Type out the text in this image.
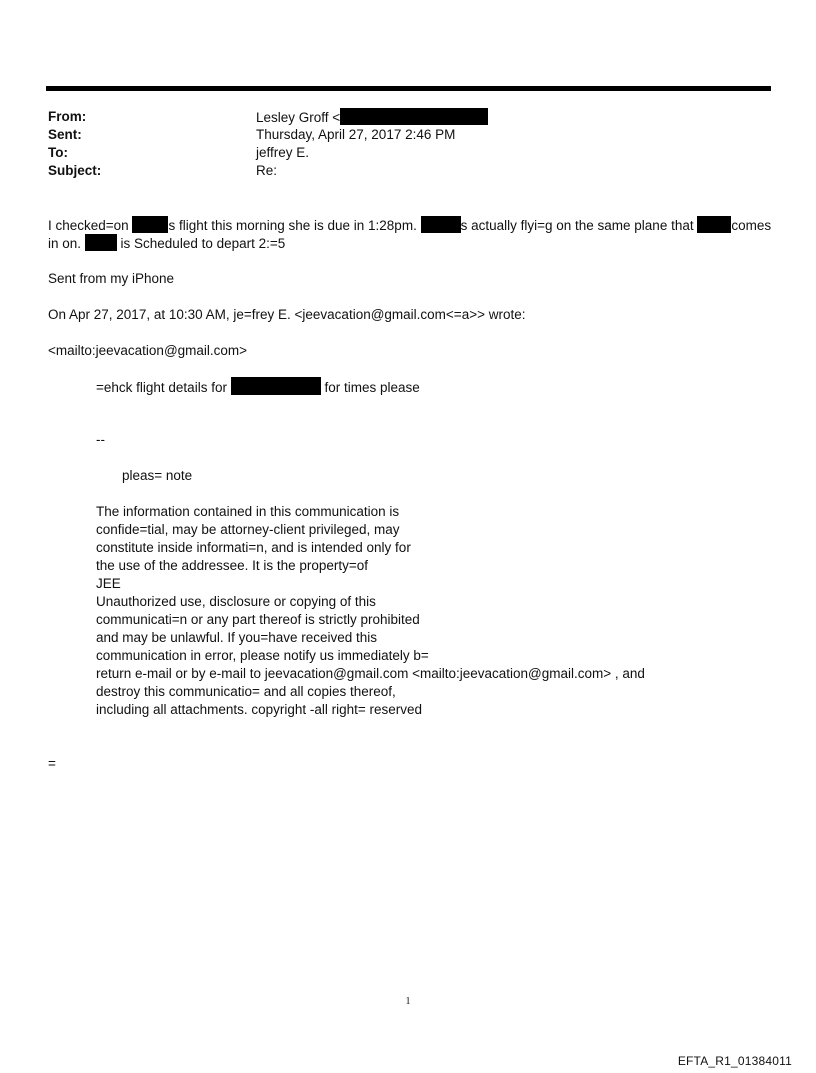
From:	Lesley Groff <
Sent:	Thursday, April 27, 2017 2:46 PM
To:	jeffrey E.
Subject:	Re:
I checked=on	s flight this morning she is due in 1:28pm.	s actually flyi=g on the same plane that	comes
in on.  is Scheduled to depart 2:=5
Sent from my iPhone
On Apr 27, 2017, at 10:30 AM, je=frey E. <jeevacation@gmail.com<=a>> wrote:
<mailto:jeevacation@gmail.com>
=ehck flight details for	for times please
--
pleas= note
The information contained in this communication is
confide=tial, may be attorney-client privileged, may
constitute inside informati=n, and is intended only for
the use of the addressee. It is the property=of
JEE
Unauthorized use, disclosure or copying of this
communicati=n or any part thereof is strictly prohibited
and may be unlawful. If you=have received this
communication in error, please notify us immediately b=
return e-mail or by e-mail to jeevacation@gmail.com <mailto:jeevacation@gmail.com> , and
destroy this communicatio= and all copies thereof,
including all attachments. copyright -all right= reserved
=
1
EFTA_R1_01384011
